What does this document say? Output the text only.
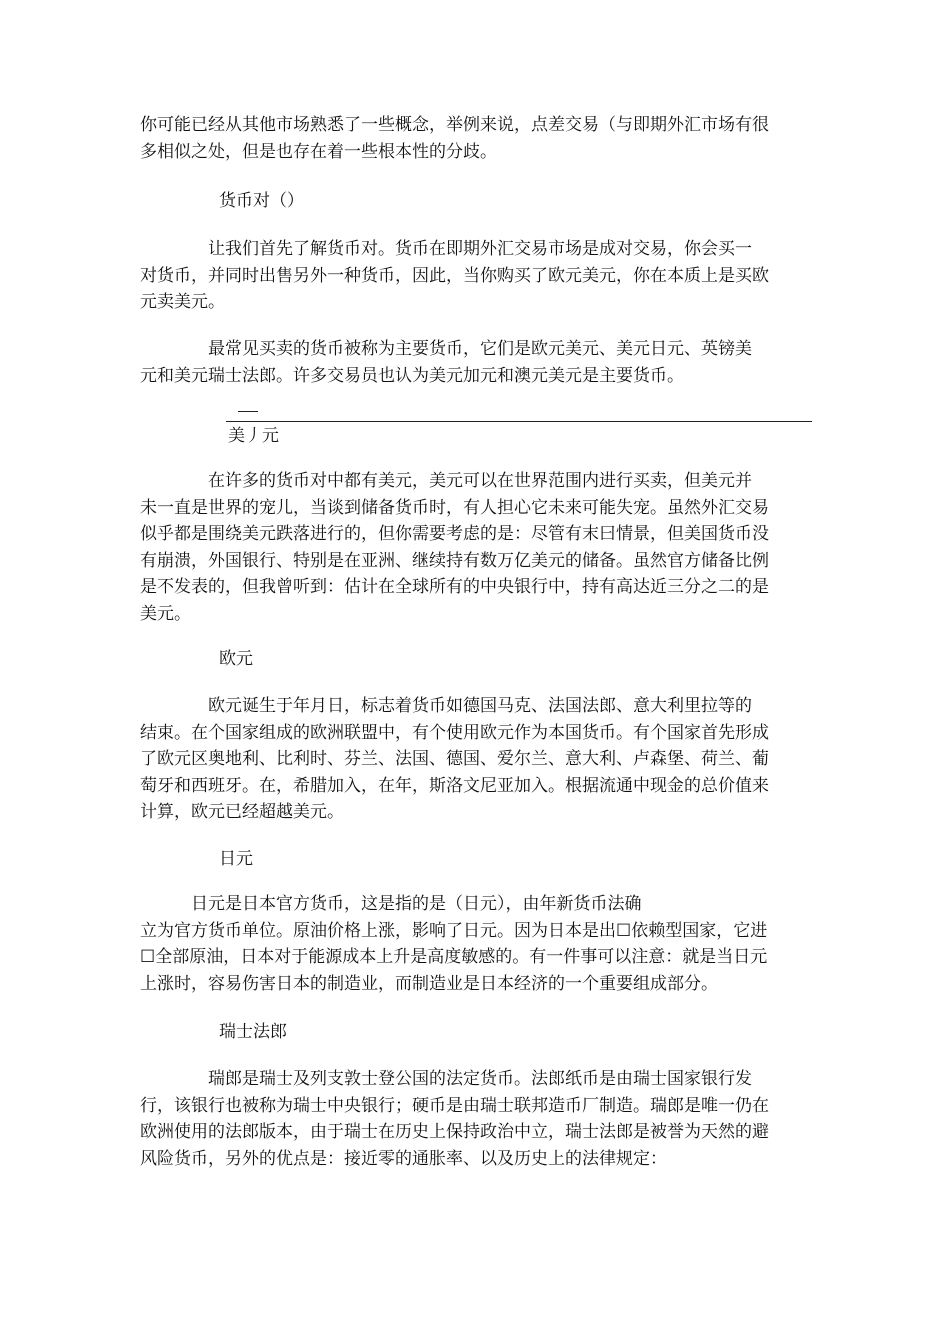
你可能已经从其他市场熟悉了一些概念，举例来说，点差交易（与即期外汇市场有很
多相似之处，但是也存在着一些根本性的分歧。
货币对（）
　　　　让我们首先了解货币对。货币在即期外汇交易市场是成对交易，你会买一
对货币，并同时出售另外一种货币，因此，当你购买了欧元美元，你在本质上是买欧
元卖美元。
　　　　最常见买卖的货币被称为主要货币，它们是欧元美元、美元日元、英镑美
元和美元瑞士法郎。许多交易员也认为美元加元和澳元美元是主要货币。
美丿元
　　　　在许多的货币对中都有美元，美元可以在世界范围内进行买卖，但美元并
未一直是世界的宠儿，当谈到储备货币时，有人担心它未来可能失宠。虽然外汇交易
似乎都是围绕美元跌落进行的，但你需要考虑的是：尽管有末曰情景，但美国货币没
有崩溃，外国银行、特别是在亚洲、继续持有数万亿美元的储备。虽然官方储备比例
是不发表的，但我曾听到：估计在全球所有的中央银行中，持有高达近三分之二的是
美元。
欧元
　　　　欧元诞生于年月日，标志着货币如德国马克、法国法郎、意大利里拉等的
结束。在个国家组成的欧洲联盟中，有个使用欧元作为本国货币。有个国家首先形成
了欧元区奥地利、比利时、芬兰、法国、德国、爱尔兰、意大利、卢森堡、荷兰、葡
萄牙和西班牙。在，希腊加入，在年，斯洛文尼亚加入。根据流通中现金的总价值来
计算，欧元已经超越美元。
日元
　　　日元是日本官方货币，这是指的是（日元），由年新货币法确
立为官方货币单位。原油价格上涨，影响了日元。因为日本是出☐依赖型国家，它进
☐全部原油，日本对于能源成本上升是高度敏感的。有一件事可以注意：就是当日元
上涨时，容易伤害日本的制造业，而制造业是日本经济的一个重要组成部分。
瑞士法郎
　　　　瑞郎是瑞士及列支敦士登公国的法定货币。法郎纸币是由瑞士国家银行发
行，该银行也被称为瑞士中央银行；硬币是由瑞士联邦造币厂制造。瑞郎是唯一仍在
欧洲使用的法郎版本，由于瑞士在历史上保持政治中立，瑞士法郎是被誉为天然的避
风险货币，另外的优点是：接近零的通胀率、以及历史上的法律规定：
